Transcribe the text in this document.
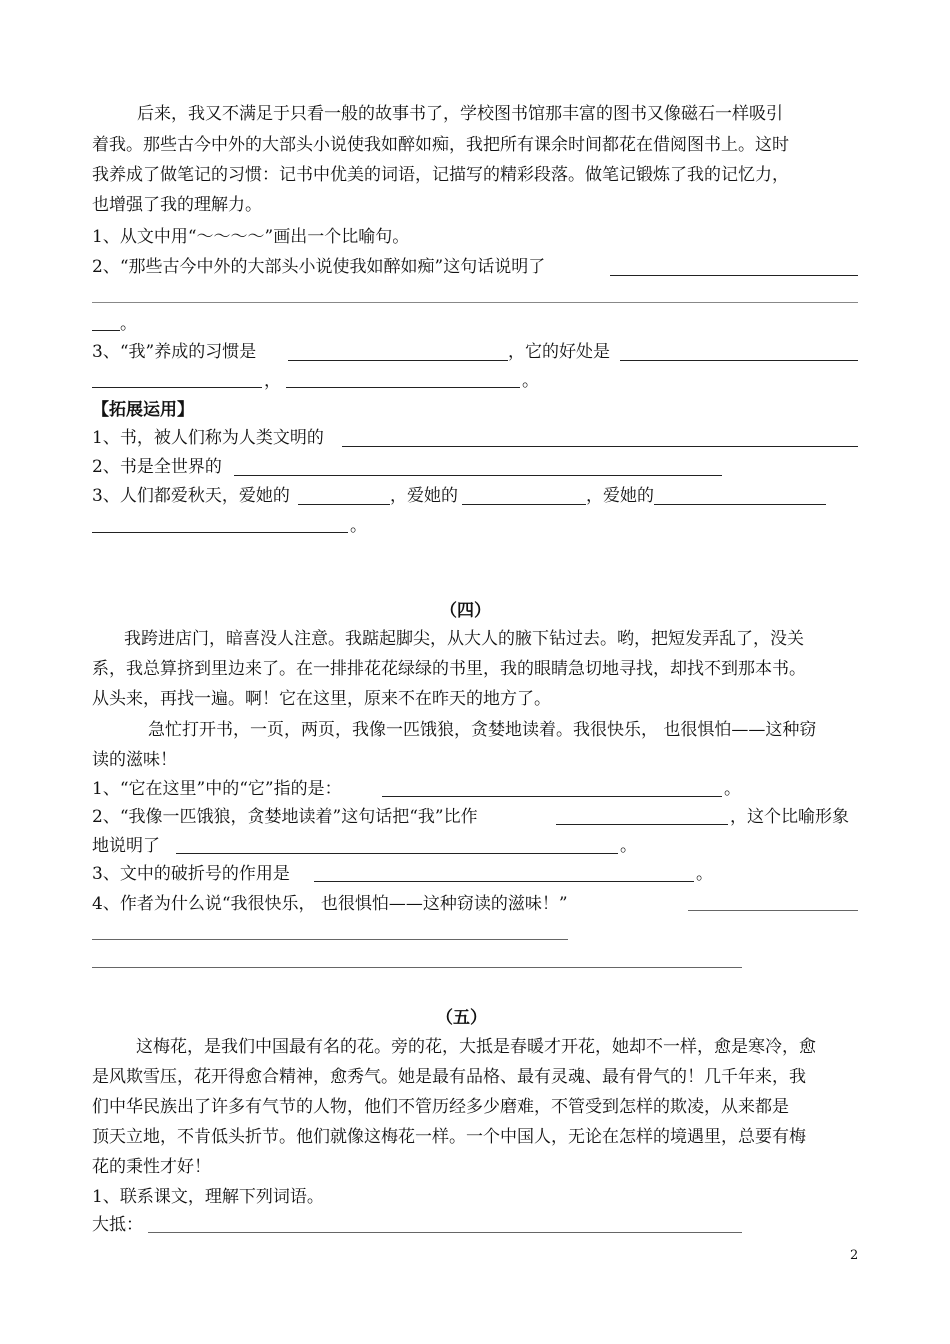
后来，我又不满足于只看一般的故事书了，学校图书馆那丰富的图书又像磁石一样吸引
着我。那些古今中外的大部头小说使我如醉如痴，我把所有课余时间都花在借阅图书上。这时
我养成了做笔记的习惯：记书中优美的词语，记描写的精彩段落。做笔记锻炼了我的记忆力，
也增强了我的理解力。
1、从文中用“～～～～”画出一个比喻句。
2、“那些古今中外的大部头小说使我如醉如痴”这句话说明了
。
3、“我”养成的习惯是	，它的好处是
，	。
【拓展运用】
1、书，被人们称为人类文明的
2、书是全世界的
3、人们都爱秋天，爱她的	，爱她的	，爱她的
。
（四）
我跨进店门，暗喜没人注意。我踮起脚尖，从大人的腋下钻过去。哟，把短发弄乱了，没关
系，我总算挤到里边来了。在一排排花花绿绿的书里，我的眼睛急切地寻找，却找不到那本书。
从头来，再找一遍。啊！它在这里，原来不在昨天的地方了。
急忙打开书，一页，两页，我像一匹饿狼，贪婪地读着。我很快乐， 也很惧怕——这种窃
读的滋味！
1、“它在这里”中的“它”指的是：	。
2、“我像一匹饿狼，贪婪地读着”这句话把“我”比作	，这个比喻形象
地说明了	。
3、文中的破折号的作用是	。
4、作者为什么说“我很快乐， 也很惧怕——这种窃读的滋味！”
（五）
这梅花，是我们中国最有名的花。旁的花，大抵是春暖才开花，她却不一样，愈是寒冷，愈
是风欺雪压，花开得愈合精神，愈秀气。她是最有品格、最有灵魂、最有骨气的！几千年来，我
们中华民族出了许多有气节的人物，他们不管历经多少磨难，不管受到怎样的欺凌，从来都是
顶天立地，不肯低头折节。他们就像这梅花一样。一个中国人，无论在怎样的境遇里，总要有梅
花的秉性才好！
1、联系课文，理解下列词语。
大抵：
2
